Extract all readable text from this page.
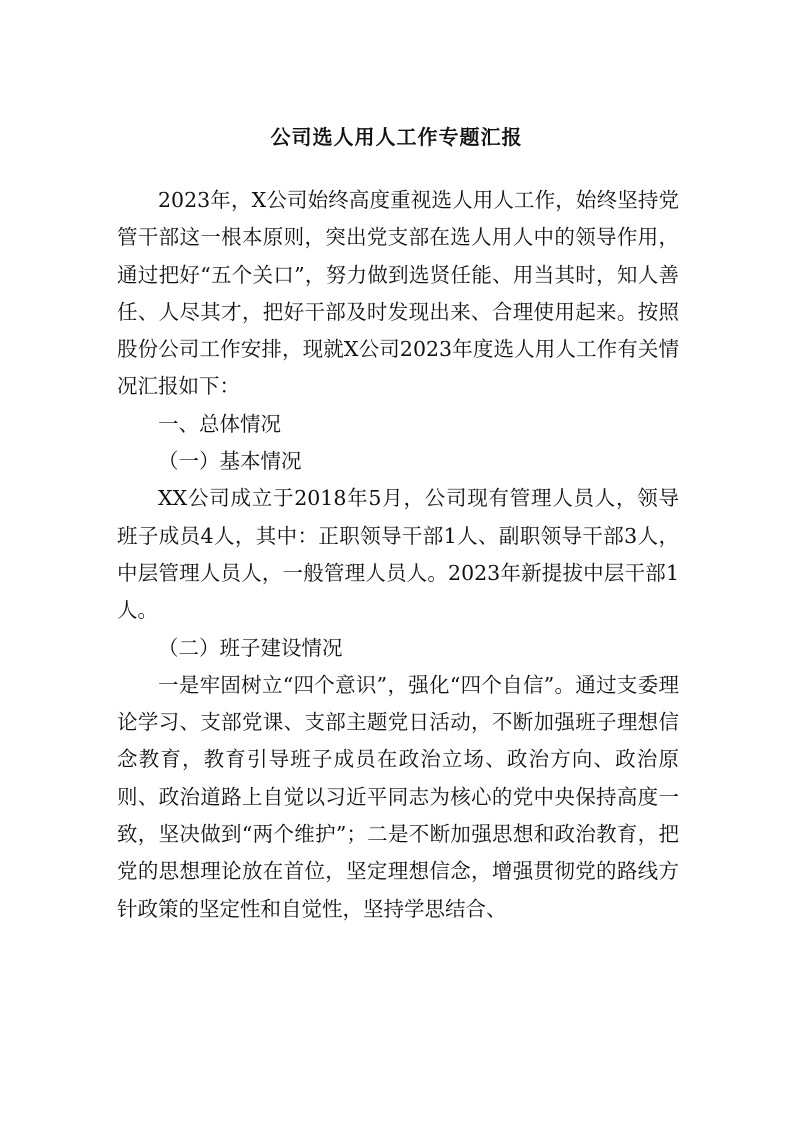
公司选人用人工作专题汇报

2023年，X公司始终高度重视选人用人工作，始终坚持党管干部这一根本原则，突出党支部在选人用人中的领导作用，通过把好“五个关口”，努力做到选贤任能、用当其时，知人善任、人尽其才，把好干部及时发现出来、合理使用起来。按照股份公司工作安排，现就X公司2023年度选人用人工作有关情况汇报如下：

一、总体情况

（一）基本情况

XX公司成立于2018年5月，公司现有管理人员人，领导班子成员4人，其中：正职领导干部1人、副职领导干部3人，中层管理人员人，一般管理人员人。2023年新提拔中层干部1人。

（二）班子建设情况

一是牢固树立“四个意识”，强化“四个自信”。通过支委理论学习、支部党课、支部主题党日活动，不断加强班子理想信念教育，教育引导班子成员在政治立场、政治方向、政治原则、政治道路上自觉以习近平同志为核心的党中央保持高度一致，坚决做到“两个维护”；二是不断加强思想和政治教育，把党的思想理论放在首位，坚定理想信念，增强贯彻党的路线方针政策的坚定性和自觉性，坚持学思结合、
